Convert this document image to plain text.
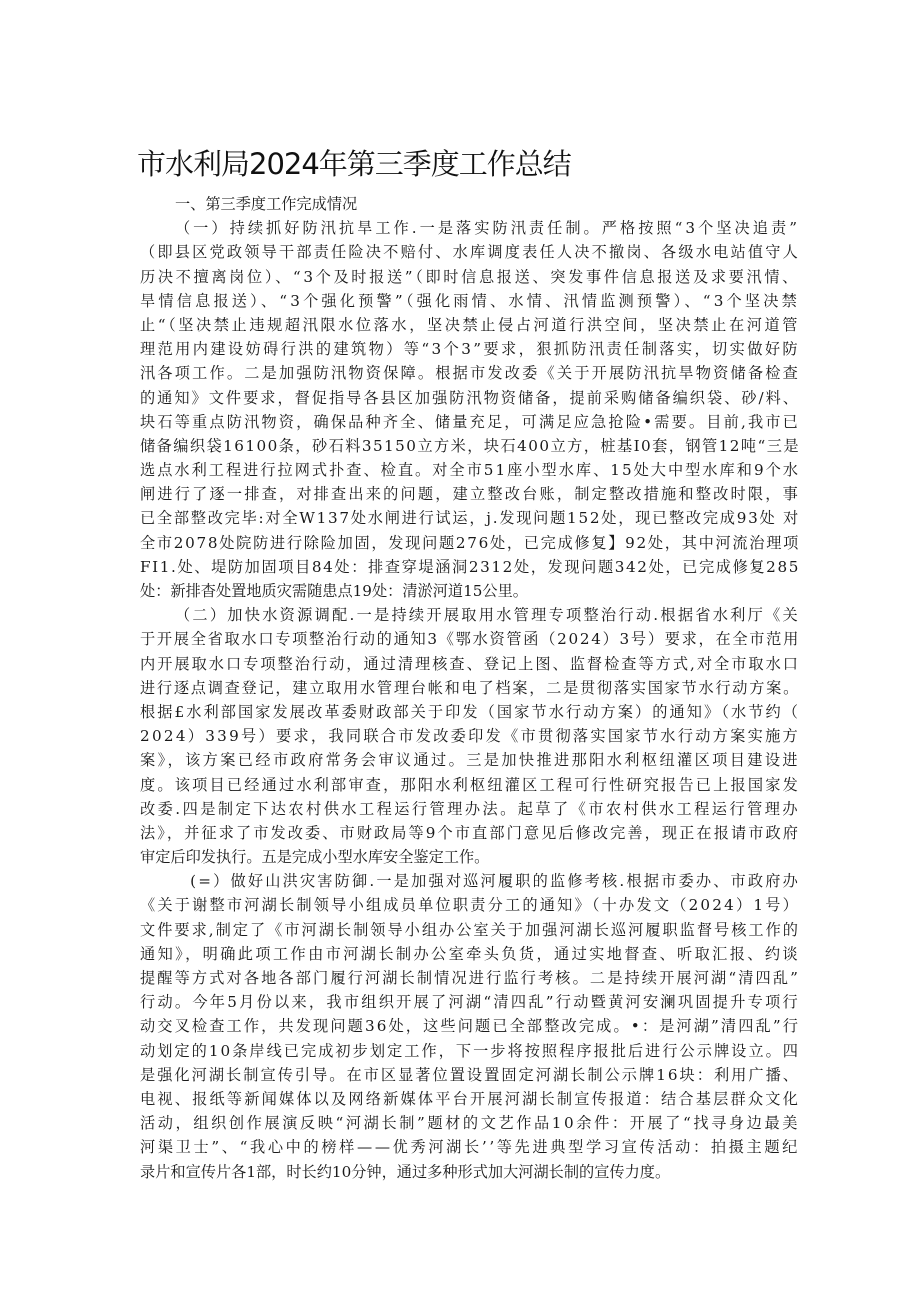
市水利局2024年第三季度工作总结
一、第三季度工作完成情况
（一）持续抓好防汛抗旱工作.一是落实防汛责任制。严格按照“3个坚决追责”
（即县区党政领导干部责任险决不赔付、水库调度表任人决不撤岗、各级水电站值守人
历决不擅离岗位）、“3个及时报送”（即时信息报送、突发事件信息报送及求要汛情、
旱情信息报送）、“3个强化预警”（强化雨情、水情、汛情监测预警）、“3个坚决禁
止“（坚决禁止违规超汛限水位落水，坚决禁止侵占河道行洪空间，坚决禁止在河道管
理范用内建设妨碍行洪的建筑物）等“3个3”要求，狠抓防汛责任制落实，切实做好防
汛各项工作。二是加强防汛物资保障。根据市发改委《关于开展防汛抗旱物资储备检查
的通知》文件要求，督促指导各县区加强防汛物资储备，提前采购储备编织袋、砂/料、
块石等重点防汛物资，确保品种齐全、储量充足，可满足应急抢险•需要。目前,我市已
储备编织袋16100条，砂石料35150立方米，块石400立方，桩基I0套，钢管12吨“三是
选点水利工程进行拉网式扑查、检直。对全市51座小型水库、15处大中型水库和9个水
闸进行了逐一排查，对排查出来的问题，建立整改台账，制定整改措施和整改时限，事
已全部整改完毕:对全W137处水闸进行试运，j.发现问题152处，现已整改完成93处 对
全市2078处院防进行除险加固，发现问题276处，已完成修复】92处，其中河流治理项
FI1.处、堤防加固项目84处：排查穿堤涵洞2312处，发现问题342处，已完成修复285
处：新排杳处置地质灾需随患点19处：清淤河道15公里。
（二）加快水资源调配.一是持续开展取用水管理专项整治行动.根据省水利厅《关
于开展全省取水口专项整治行动的通知3《鄂水资管函（2024）3号）要求，在全市范用
内开展取水口专项整治行动，通过清理核查、登记上图、监督检查等方式,对全市取水口
进行逐点调查登记，建立取用水管理台帐和电了档案，二是贯彻落实国家节水行动方案。
根据£水利部国家发展改革委财政部关于印发（国家节水行动方案）的通知》（水节约（
2024）339号）要求，我同联合市发改委印发《市贯彻落实国家节水行动方案实施方
案》，该方案已经市政府常务会审议通过。三是加快推进那阳水利枢纽灌区项目建设进
度。该项目已经通过水利部审查，那阳水利枢纽灌区工程可行性研究报告已上报国家发
改委.四是制定下达农村供水工程运行管理办法。起草了《市农村供水工程运行管理办
法》，并征求了市发改委、市财政局等9个市直部门意见后修改完善，现正在报请市政府
审定后印发执行。五是完成小型水库安全鉴定工作。
(=）做好山洪灾害防御.一是加强对巡河履职的监修考核.根据市委办、市政府办
《关于谢整市河湖长制领导小组成员单位职责分工的通知》（十办发文（2024）1号）
文件要求,制定了《市河湖长制领导小组办公室关于加强河湖长巡河履职监督号核工作的
通知》，明确此项工作由市河湖长制办公室牵头负货，通过实地督查、听取汇报、约谈
提醒等方式对各地各部门履行河湖长制情况进行监行考核。二是持续开展河湖“清四乱”
行动。今年5月份以来，我市组织开展了河湖“清四乱”行动暨黄河安澜巩固提升专项行
动交叉检查工作，共发现问题36处，这些问题已全部整改完成。•：是河湖”清四乱”行
动划定的10条岸线已完成初步划定工作，下一步将按照程序报批后进行公示牌设立。四
是强化河湖长制宣传引导。在市区显著位置设置固定河湖长制公示牌16块：利用广播、
电视、报纸等新闻媒体以及网络新媒体平台开展河湖长制宣传报道：结合基层群众文化
活动，组织创作展演反映“河湖长制”题材的文艺作品10余件：开展了“找寻身边最美
河渠卫士”、“我心中的榜样——优秀河湖长’’等先进典型学习宣传活动：拍摄主题纪
录片和宣传片各1部，时长约10分钟，通过多种形式加大河湖长制的宣传力度。
